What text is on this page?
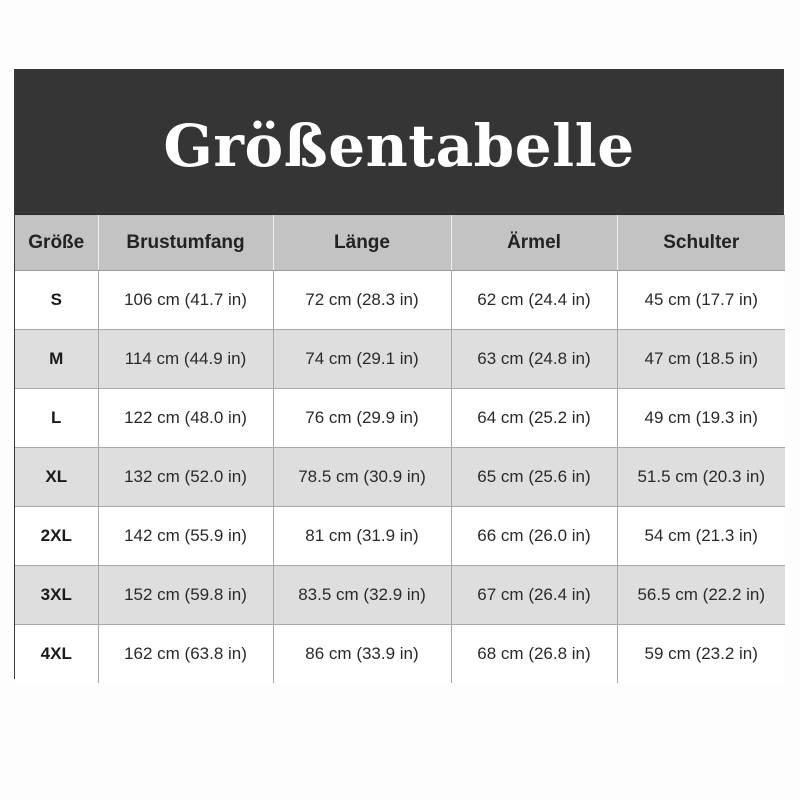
Größentabelle
Größe	Brustumfang	Länge	Ärmel	Schulter
S	106 cm (41.7 in)	72 cm (28.3 in)	62 cm (24.4 in)	45 cm (17.7 in)
M	114 cm (44.9 in)	74 cm (29.1 in)	63 cm (24.8 in)	47 cm (18.5 in)
L	122 cm (48.0 in)	76 cm (29.9 in)	64 cm (25.2 in)	49 cm (19.3 in)
XL	132 cm (52.0 in)	78.5 cm (30.9 in)	65 cm (25.6 in)	51.5 cm (20.3 in)
2XL	142 cm (55.9 in)	81 cm (31.9 in)	66 cm (26.0 in)	54 cm (21.3 in)
3XL	152 cm (59.8 in)	83.5 cm (32.9 in)	67 cm (26.4 in)	56.5 cm (22.2 in)
4XL	162 cm (63.8 in)	86 cm (33.9 in)	68 cm (26.8 in)	59 cm (23.2 in)
